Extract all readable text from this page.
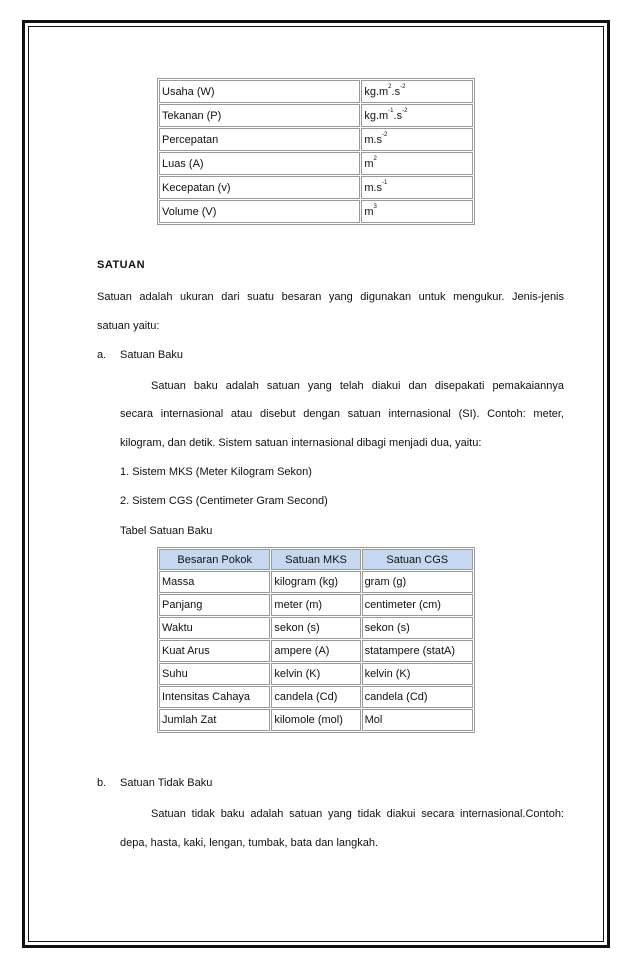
Usaha (W)	$kg.m^2.s^{-2}$
Tekanan (P)	$kg.m^{-1}.s^{-2}$
Percepatan	$m.s^{-2}$
Luas (A)	$m^2$
Kecepatan (v)	$m.s^{-1}$
Volume (V)	$m^3$
SATUAN
Satuan adalah ukuran dari suatu besaran yang digunakan untuk mengukur. Jenis-jenis
satuan yaitu:
a. Satuan Baku
Satuan baku adalah satuan yang telah diakui dan disepakati pemakaiannya
secara internasional atau disebut dengan satuan internasional (SI). Contoh: meter,
kilogram, dan detik. Sistem satuan internasional dibagi menjadi dua, yaitu:
1. Sistem MKS (Meter Kilogram Sekon)
2. Sistem CGS (Centimeter Gram Second)
Tabel Satuan Baku
Besaran Pokok	Satuan MKS	Satuan CGS
Massa	kilogram (kg)	gram (g)
Panjang	meter (m)	centimeter (cm)
Waktu	sekon (s)	sekon (s)
Kuat Arus	ampere (A)	statampere (statA)
Suhu	kelvin (K)	kelvin (K)
Intensitas Cahaya	candela (Cd)	candela (Cd)
Jumlah Zat	kilomole (mol)	Mol
b. Satuan Tidak Baku
Satuan tidak baku adalah satuan yang tidak diakui secara internasional.Contoh:
depa, hasta, kaki, lengan, tumbak, bata dan langkah.
